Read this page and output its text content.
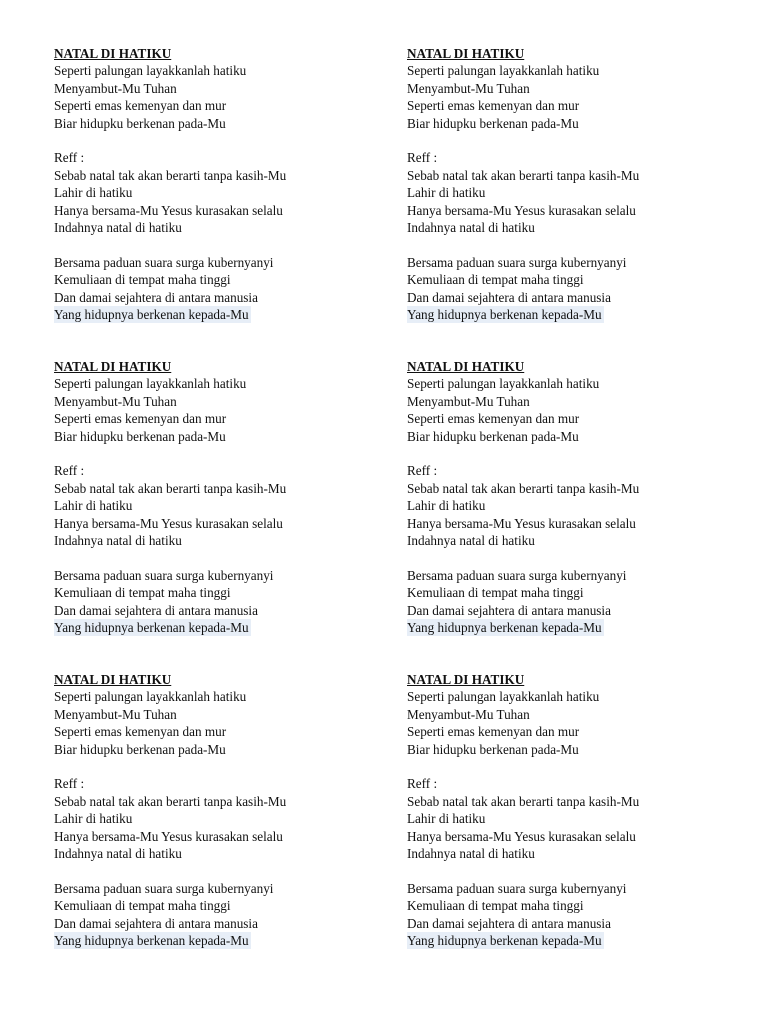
NATAL DI HATIKU
Seperti palungan layakkanlah hatiku
Menyambut-Mu Tuhan
Seperti emas kemenyan dan mur
Biar hidupku berkenan pada-Mu
Reff :
Sebab natal tak akan berarti tanpa kasih-Mu
Lahir di hatiku
Hanya bersama-Mu Yesus kurasakan selalu
Indahnya natal di hatiku
Bersama paduan suara surga kubernyanyi
Kemuliaan di tempat maha tinggi
Dan damai sejahtera di antara manusia
Yang hidupnya berkenan kepada-Mu
NATAL DI HATIKU
Seperti palungan layakkanlah hatiku
Menyambut-Mu Tuhan
Seperti emas kemenyan dan mur
Biar hidupku berkenan pada-Mu
Reff :
Sebab natal tak akan berarti tanpa kasih-Mu
Lahir di hatiku
Hanya bersama-Mu Yesus kurasakan selalu
Indahnya natal di hatiku
Bersama paduan suara surga kubernyanyi
Kemuliaan di tempat maha tinggi
Dan damai sejahtera di antara manusia
Yang hidupnya berkenan kepada-Mu
NATAL DI HATIKU
Seperti palungan layakkanlah hatiku
Menyambut-Mu Tuhan
Seperti emas kemenyan dan mur
Biar hidupku berkenan pada-Mu
Reff :
Sebab natal tak akan berarti tanpa kasih-Mu
Lahir di hatiku
Hanya bersama-Mu Yesus kurasakan selalu
Indahnya natal di hatiku
Bersama paduan suara surga kubernyanyi
Kemuliaan di tempat maha tinggi
Dan damai sejahtera di antara manusia
Yang hidupnya berkenan kepada-Mu
NATAL DI HATIKU
Seperti palungan layakkanlah hatiku
Menyambut-Mu Tuhan
Seperti emas kemenyan dan mur
Biar hidupku berkenan pada-Mu
Reff :
Sebab natal tak akan berarti tanpa kasih-Mu
Lahir di hatiku
Hanya bersama-Mu Yesus kurasakan selalu
Indahnya natal di hatiku
Bersama paduan suara surga kubernyanyi
Kemuliaan di tempat maha tinggi
Dan damai sejahtera di antara manusia
Yang hidupnya berkenan kepada-Mu
NATAL DI HATIKU
Seperti palungan layakkanlah hatiku
Menyambut-Mu Tuhan
Seperti emas kemenyan dan mur
Biar hidupku berkenan pada-Mu
Reff :
Sebab natal tak akan berarti tanpa kasih-Mu
Lahir di hatiku
Hanya bersama-Mu Yesus kurasakan selalu
Indahnya natal di hatiku
Bersama paduan suara surga kubernyanyi
Kemuliaan di tempat maha tinggi
Dan damai sejahtera di antara manusia
Yang hidupnya berkenan kepada-Mu
NATAL DI HATIKU
Seperti palungan layakkanlah hatiku
Menyambut-Mu Tuhan
Seperti emas kemenyan dan mur
Biar hidupku berkenan pada-Mu
Reff :
Sebab natal tak akan berarti tanpa kasih-Mu
Lahir di hatiku
Hanya bersama-Mu Yesus kurasakan selalu
Indahnya natal di hatiku
Bersama paduan suara surga kubernyanyi
Kemuliaan di tempat maha tinggi
Dan damai sejahtera di antara manusia
Yang hidupnya berkenan kepada-Mu
